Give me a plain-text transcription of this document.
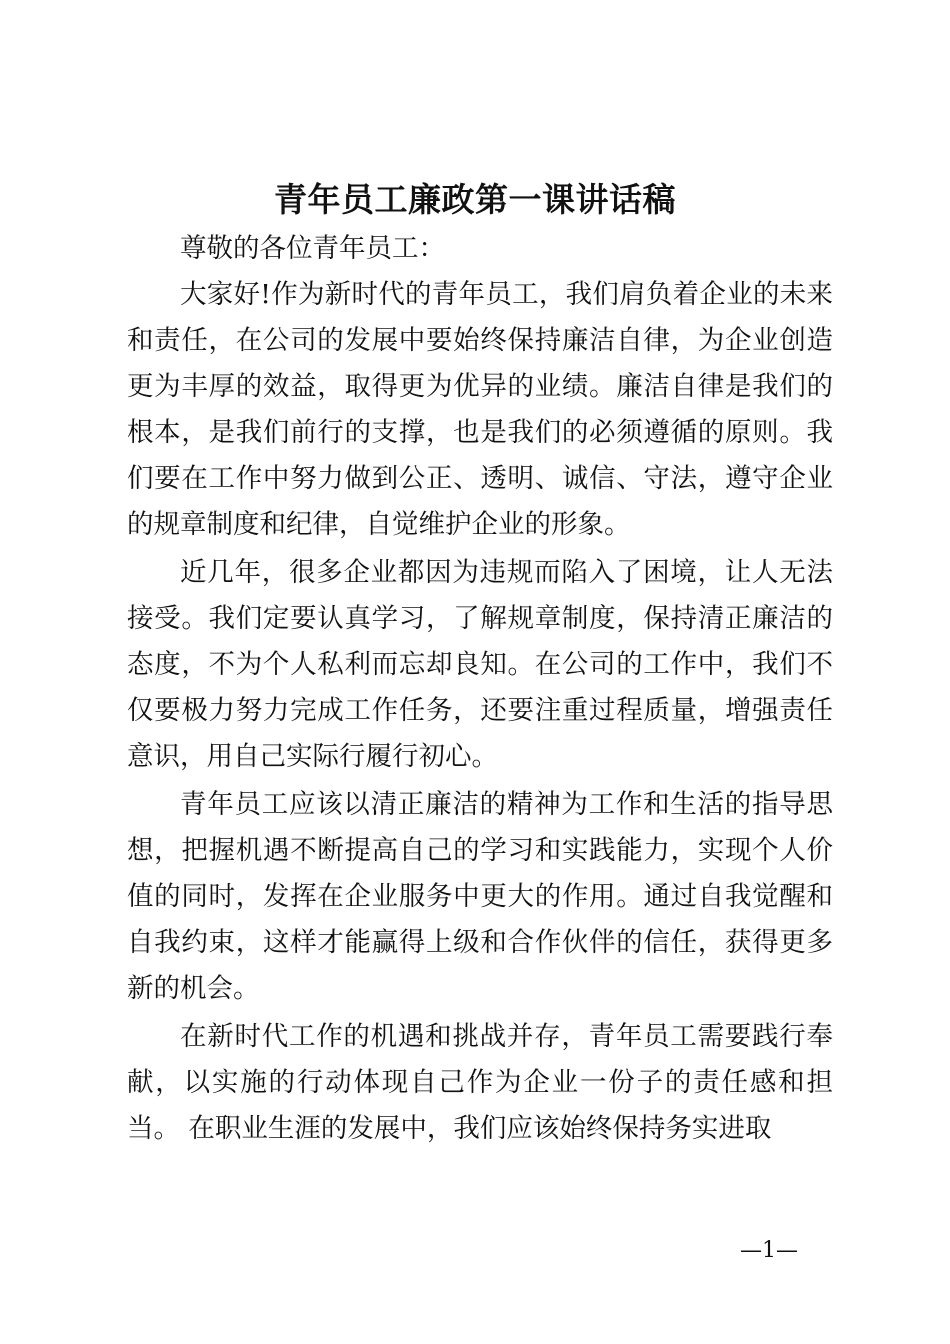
青年员工廉政第一课讲话稿

尊敬的各位青年员工：

大家好!作为新时代的青年员工，我们肩负着企业的未来和责任，在公司的发展中要始终保持廉洁自律，为企业创造更为丰厚的效益，取得更为优异的业绩。廉洁自律是我们的根本，是我们前行的支撑，也是我们的必须遵循的原则。我们要在工作中努力做到公正、透明、诚信、守法，遵守企业的规章制度和纪律，自觉维护企业的形象。

近几年，很多企业都因为违规而陷入了困境，让人无法 接受。我们定要认真学习，了解规章制度，保持清正廉洁的 态度，不为个人私利而忘却良知。在公司的工作中，我们不 仅要极力努力完成工作任务，还要注重过程质量，增强责任 意识，用自己实际行履行初心。

青年员工应该以清正廉洁的精神为工作和生活的指导思想，把握机遇不断提高自己的学习和实践能力，实现个人价值的同时，发挥在企业服务中更大的作用。通过自我觉醒和自我约束，这样才能赢得上级和合作伙伴的信任，获得更多新的机会。

在新时代工作的机遇和挑战并存，青年员工需要践行奉 献，以实施的行动体现自己作为企业一份子的责任感和担当。 在职业生涯的发展中，我们应该始终保持务实进取

—1—
